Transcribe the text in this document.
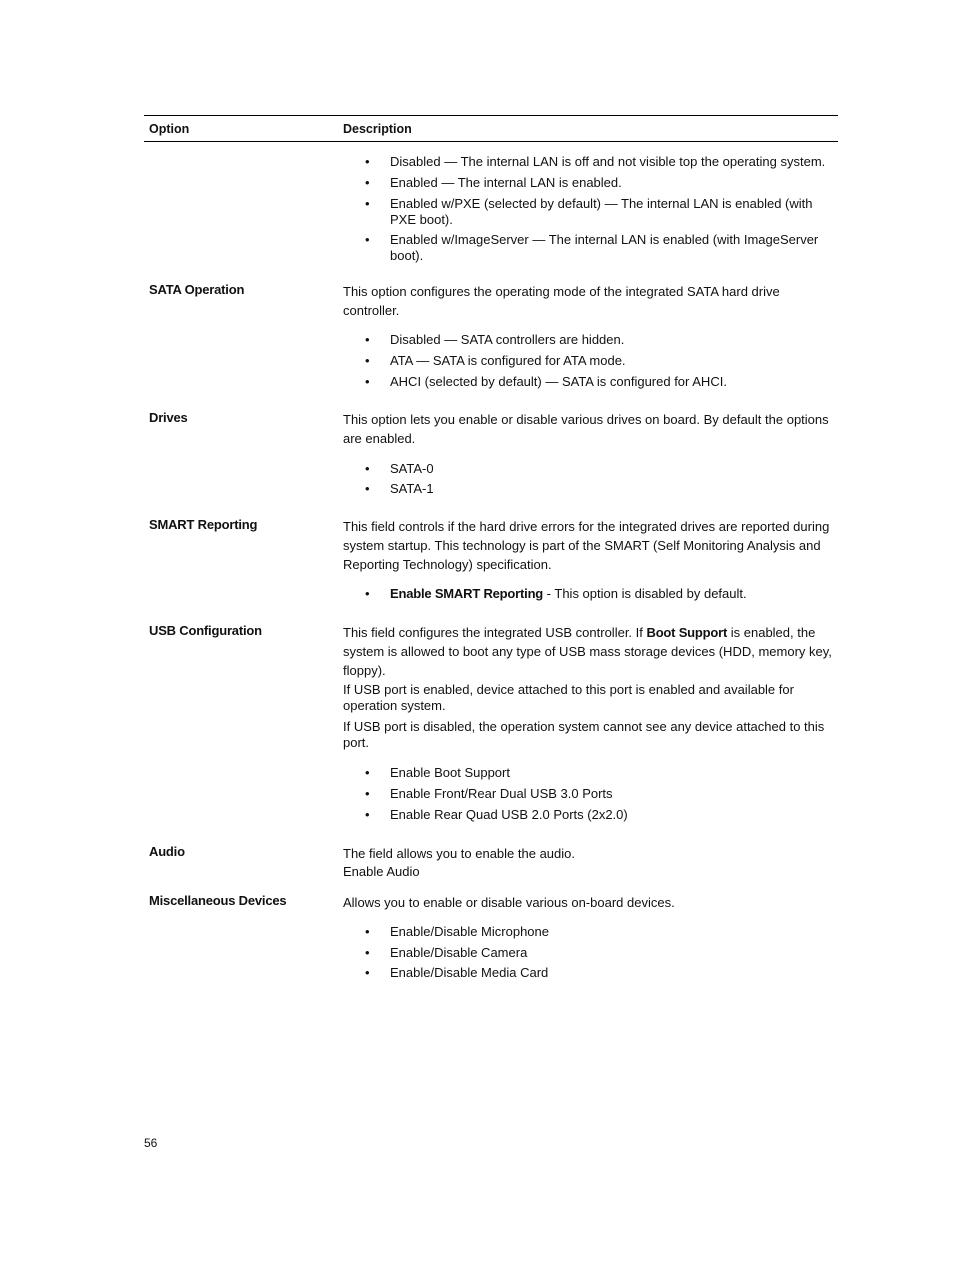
Option	Description
• Disabled — The internal LAN is off and not visible top the operating system.
• Enabled — The internal LAN is enabled.
• Enabled w/PXE (selected by default) — The internal LAN is enabled (with PXE boot).
• Enabled w/ImageServer — The internal LAN is enabled (with ImageServer boot).
SATA Operation	This option configures the operating mode of the integrated SATA hard drive controller.

• Disabled — SATA controllers are hidden.
• ATA — SATA is configured for ATA mode.
• AHCI (selected by default) — SATA is configured for AHCI.
Drives	This option lets you enable or disable various drives on board. By default the options are enabled.

• SATA-0
• SATA-1
SMART Reporting	This field controls if the hard drive errors for the integrated drives are reported during system startup. This technology is part of the SMART (Self Monitoring Analysis and Reporting Technology) specification.

• Enable SMART Reporting - This option is disabled by default.
USB Configuration	This field configures the integrated USB controller. If Boot Support is enabled, the system is allowed to boot any type of USB mass storage devices (HDD, memory key, floppy).

If USB port is enabled, device attached to this port is enabled and available for operation system.

If USB port is disabled, the operation system cannot see any device attached to this port.

• Enable Boot Support
• Enable Front/Rear Dual USB 3.0 Ports
• Enable Rear Quad USB 2.0 Ports (2x2.0)
Audio	The field allows you to enable the audio.

Enable Audio

Miscellaneous Devices	Allows you to enable or disable various on-board devices.

• Enable/Disable Microphone
• Enable/Disable Camera
• Enable/Disable Media Card
56
